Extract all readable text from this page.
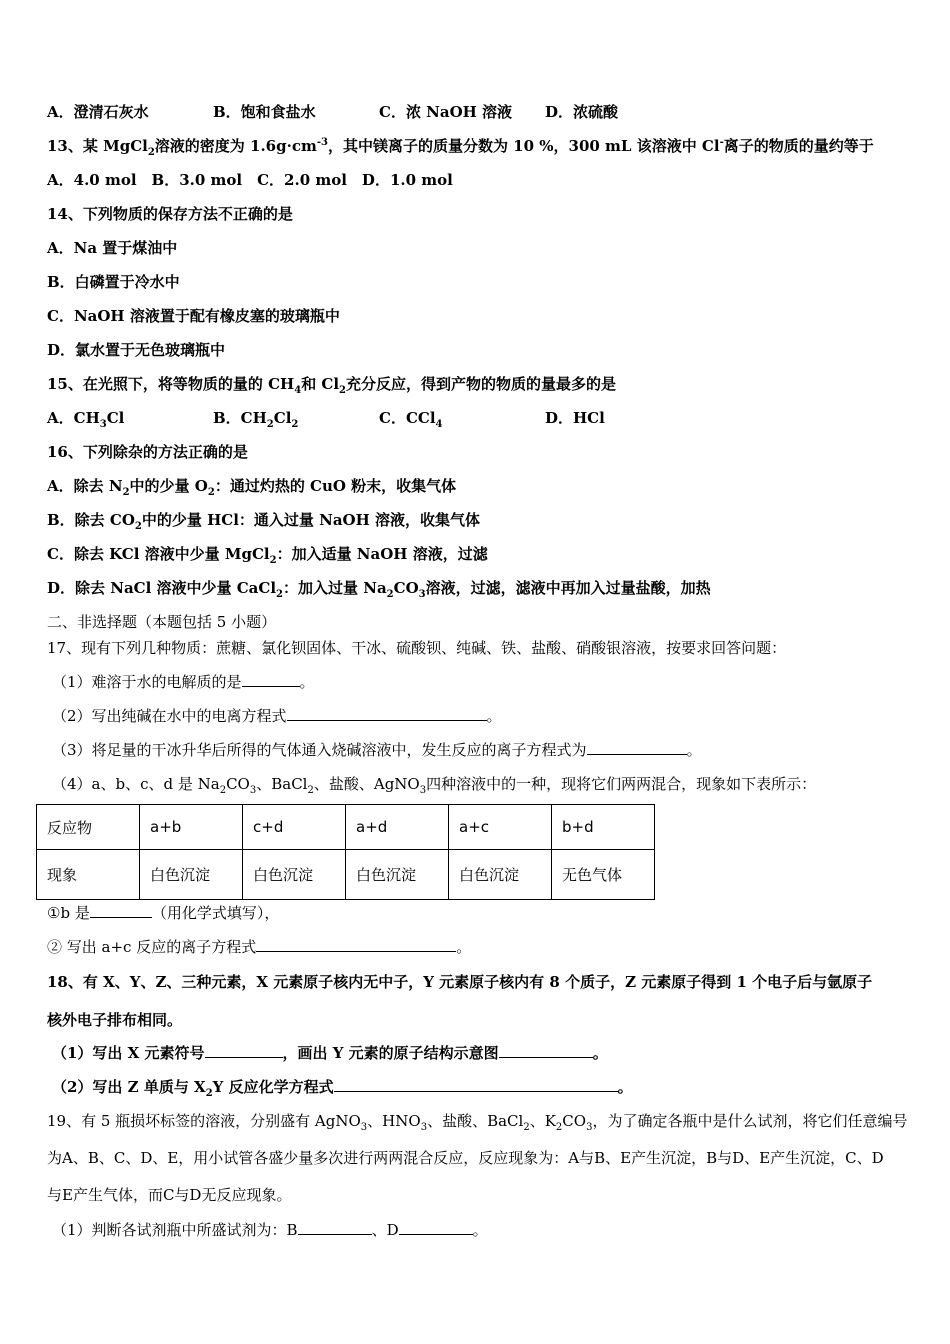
A．澄清石灰水	B．饱和食盐水	C．浓 NaOH 溶液 D．浓硫酸
13、某 MgCl$_2$溶液的密度为 $1.6g\cdot cm^{-3}$，其中镁离子的质量分数为 10 %，300 mL 该溶液中 Cl-离子的物质的量约等于
A．4.0 mol　B．3.0 mol　C．2.0 mol　D．1.0 mol
14、下列物质的保存方法不正确的是
A．Na 置于煤油中
B．白磷置于冷水中
C．NaOH 溶液置于配有橡皮塞的玻璃瓶中
D．氯水置于无色玻璃瓶中
15、在光照下，将等物质的量的 $CH_4$和 $Cl_2$充分反应，得到产物的物质的量最多的是
A．$CH_3Cl$	B．$CH_2Cl_2$	C．CCl$_4$	D．HCl
16、下列除杂的方法正确的是
A．除去 $N_2$中的少量 $O_2$：通过灼热的 CuO 粉末，收集气体
B．除去 $CO_2$中的少量 HCl：通入过量 NaOH 溶液，收集气体
C．除去 KCl 溶液中少量 MgCl$_2$：加入适量 NaOH 溶液，过滤
D．除去 NaCl 溶液中少量 CaCl$_2$：加入过量 $Na_2CO_3$溶液，过滤，滤液中再加入过量盐酸，加热
二、非选择题（本题包括 5 小题）
17、现有下列几种物质：蔗糖、氯化钡固体、干冰、硫酸钡、纯碱、铁、盐酸、硝酸银溶液，按要求回答问题：
（1）难溶于水的电解质的是	。
（2）写出纯碱在水中的电离方程式	。
（3）将足量的干冰升华后所得的气体通入烧碱溶液中，发生反应的离子方程式为	。
（4）a、b、c、d 是 $Na_2CO_3$、BaCl$_2$、盐酸、AgNO$_3$四种溶液中的一种，现将它们两两混合，现象如下表所示：
反应物	a+b	c+d	a+d	a+c	b+d
现象	白色沉淀	白色沉淀	白色沉淀	白色沉淀	无色气体
①b 是	（用化学式填写），
② 写出 a+c 反应的离子方程式	。
18、有 X、Y、Z、三种元素，X 元素原子核内无中子，Y 元素原子核内有 8 个质子，Z 元素原子得到 1 个电子后与氩原子
核外电子排布相同。
（1）写出 X 元素符号	，画出 Y 元素的原子结构示意图	。
（2）写出 Z 单质与 $X_2Y$ 反应化学方程式	。
19、有 5 瓶损坏标签的溶液，分别盛有 AgNO$_3$、$HNO_3$、盐酸、BaCl$_2$、$K_2CO_3$，为了确定各瓶中是什么试剂，将它们任意编号
为A、B、C、D、E，用小试管各盛少量多次进行两两混合反应，反应现象为：A与B、E产生沉淀，B与D、E产生沉淀，C、D
与E产生气体，而C与D无反应现象。
（1）判断各试剂瓶中所盛试剂为：B	、D	。
